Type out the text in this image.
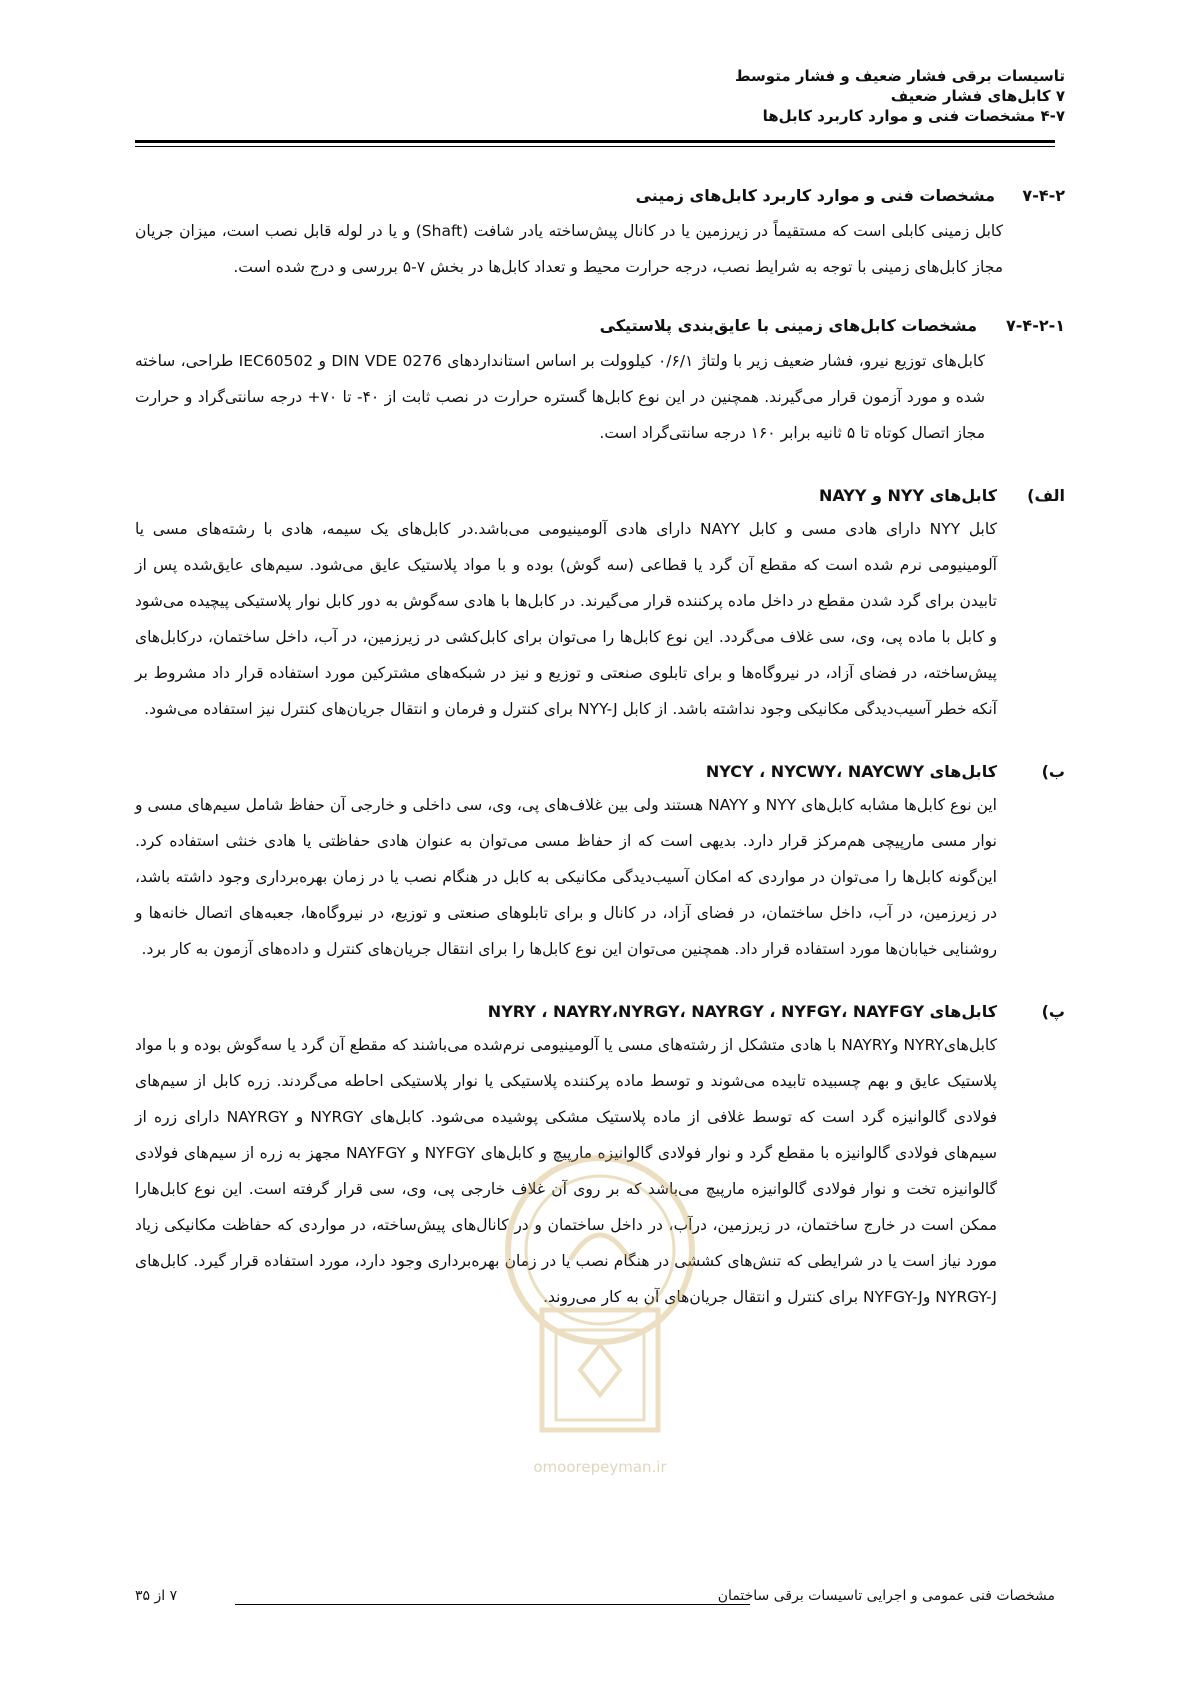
تاسیسات برقی فشار ضعیف و فشار متوسط
۷ کابل‌های فشار ضعیف
۴-۷ مشخصات فنی و موارد کاربرد کابل‌ها
۷-۴-۲مشخصات فنی و موارد کاربرد کابل‌های زمینی

کابل زمینی کابلی است که مستقیماً در زیرزمین یا در کانال پیش‌ساخته یادر شافت (Shaft) و یا در لوله قابل نصب است، میزان جریان مجاز کابل‌های زمینی با توجه به شرایط نصب، درجه حرارت محیط و تعداد کابل‌ها در بخش ۷-۵ بررسی و درج شده است.

۷-۴-۲-۱مشخصات کابل‌های زمینی با عایق‌بندی پلاستیکی

کابل‌های توزیع نیرو، فشار ضعیف زیر با ولتاژ ۰/۶/۱ کیلوولت بر اساس استانداردهای DIN VDE 0276 و IEC60502 طراحی، ساخته شده و مورد آزمون قرار می‌گیرند. همچنین در این نوع کابل‌ها گستره حرارت در نصب ثابت از ۴۰- تا ۷۰+ درجه سانتی‌گراد و حرارت مجاز اتصال کوتاه تا ۵ ثانیه برابر ۱۶۰ درجه سانتی‌گراد است.

الف)کابل‌های NYY و NAYY

کابل NYY دارای هادی مسی و کابل NAYY دارای هادی آلومینیومی می‌باشد.در کابل‌های یک سیمه، هادی با رشته‌های مسی یا آلومینیومی نرم شده است که مقطع آن گرد یا قطاعی (سه گوش) بوده و با مواد پلاستیک عایق می‌شود. سیم‌های عایق‌شده پس از تابیدن برای گرد شدن مقطع در داخل ماده پرکننده قرار می‌گیرند. در کابل‌ها با هادی سه‌گوش به دور کابل نوار پلاستیکی پیچیده می‌شود و کابل با ماده پی، وی، سی غلاف می‌گردد. این نوع کابل‌ها را می‌توان برای کابل‌کشی در زیرزمین، در آب، داخل ساختمان، درکابل‌های پیش‌ساخته، در فضای آزاد، در نیروگاه‌ها و برای تابلوی صنعتی و توزیع و نیز در شبکه‌های مشترکین مورد استفاده قرار داد مشروط بر آنکه خطر آسیب‌دیدگی مکانیکی وجود نداشته باشد. از کابل NYY-J برای کنترل و فرمان و انتقال جریان‌های کنترل نیز استفاده می‌شود.

ب)کابل‌های NYCY ، NYCWY، NAYCWY

این نوع کابل‌ها مشابه کابل‌های NYY و NAYY هستند ولی بین غلاف‌های پی، وی، سی داخلی و خارجی آن حفاظ شامل سیم‌های مسی و نوار مسی مارپیچی هم‌مرکز قرار دارد. بدیهی است که از حفاظ مسی می‌توان به عنوان هادی حفاظتی یا هادی خنثی استفاده کرد. این‌گونه کابل‌ها را می‌توان در مواردی که امکان آسیب‌دیدگی مکانیکی به کابل در هنگام نصب یا در زمان بهره‌برداری وجود داشته باشد، در زیرزمین، در آب، داخل ساختمان، در فضای آزاد، در کانال و برای تابلوهای صنعتی و توزیع، در نیروگاه‌ها، جعبه‌های اتصال خانه‌ها و روشنایی خیابان‌ها مورد استفاده قرار داد. همچنین می‌توان این نوع کابل‌ها را برای انتقال جریان‌های کنترل و داده‌های آزمون به کار برد.

پ)کابل‌های NYRY ، NAYRY،NYRGY، NAYRGY ، NYFGY، NAYFGY

کابل‌هایNYRY وNAYRY با هادی متشکل از رشته‌های مسی یا آلومینیومی نرم‌شده می‌باشند که مقطع آن گرد یا سه‌گوش بوده و با مواد پلاستیک عایق و بهم چسبیده تابیده می‌شوند و توسط ماده پرکننده پلاستیکی یا نوار پلاستیکی احاطه می‌گردند. زره کابل از سیم‌های فولادی گالوانیزه گرد است که توسط غلافی از ماده پلاستیک مشکی پوشیده می‌شود. کابل‌های NYRGY و NAYRGY دارای زره از سیم‌های فولادی گالوانیزه با مقطع گرد و نوار فولادی گالوانیزه مارپیچ و کابل‌های NYFGY و NAYFGY مجهز به زره از سیم‌های فولادی گالوانیزه تخت و نوار فولادی گالوانیزه مارپیچ می‌باشد که بر روی آن غلاف خارجی پی، وی، سی قرار گرفته است. این نوع کابل‌هارا ممکن است در خارج ساختمان، در زیرزمین، درآب، در داخل ساختمان و در کانال‌های پیش‌ساخته، در مواردی که حفاظت مکانیکی زیاد مورد نیاز است یا در شرایطی که تنش‌های کششی در هنگام نصب یا در زمان بهره‌برداری وجود دارد، مورد استفاده قرار گیرد. کابل‌های NYRGY-J وNYFGY-J برای کنترل و انتقال جریان‌های آن به کار می‌روند.

omoorepeyman.ir
مشخصات فنی عمومی و اجرایی تاسیسات برقی ساختمان
۷ از ۳۵
